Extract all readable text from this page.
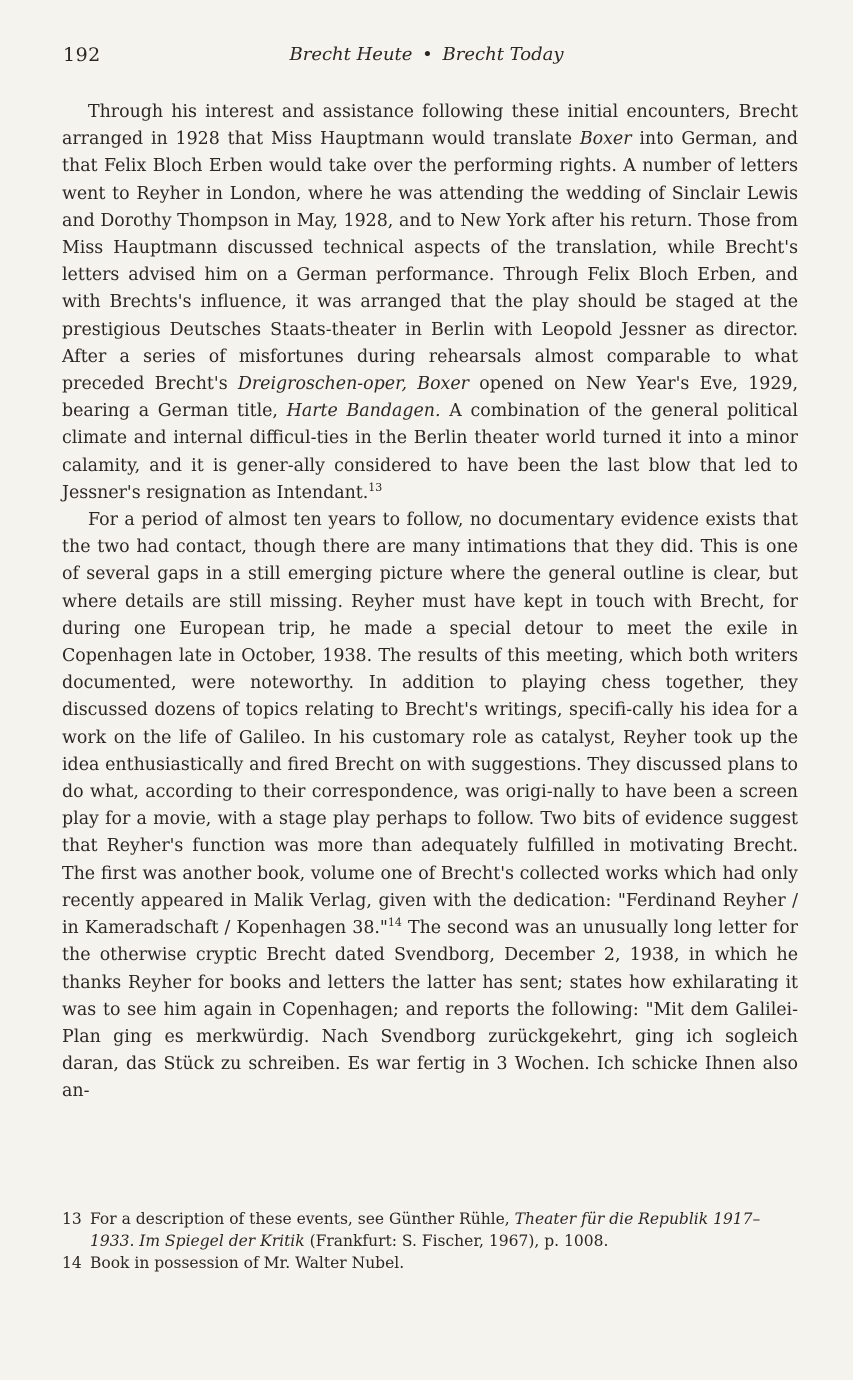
192	Brecht Heute • Brecht Today

Through his interest and assistance following these initial encounters, Brecht arranged in 1928 that Miss Hauptmann would translate Boxer into German, and that Felix Bloch Erben would take over the performing rights. A number of letters went to Reyher in London, where he was attending the wedding of Sinclair Lewis and Dorothy Thompson in May, 1928, and to New York after his return. Those from Miss Hauptmann discussed technical aspects of the translation, while Brecht's letters advised him on a German performance. Through Felix Bloch Erben, and with Brechts's influence, it was arranged that the play should be staged at the prestigious Deutsches Staats-theater in Berlin with Leopold Jessner as director. After a series of misfortunes during rehearsals almost comparable to what preceded Brecht's Dreigroschen-oper, Boxer opened on New Year's Eve, 1929, bearing a German title, Harte Bandagen. A combination of the general political climate and internal difficul-ties in the Berlin theater world turned it into a minor calamity, and it is gener-ally considered to have been the last blow that led to Jessner's resignation as Intendant.$^{13}$

For a period of almost ten years to follow, no documentary evidence exists that the two had contact, though there are many intimations that they did. This is one of several gaps in a still emerging picture where the general outline is clear, but where details are still missing. Reyher must have kept in touch with Brecht, for during one European trip, he made a special detour to meet the exile in Copenhagen late in October, 1938. The results of this meeting, which both writers documented, were noteworthy. In addition to playing chess together, they discussed dozens of topics relating to Brecht's writings, specifi-cally his idea for a work on the life of Galileo. In his customary role as catalyst, Reyher took up the idea enthusiastically and fired Brecht on with suggestions. They discussed plans to do what, according to their correspondence, was origi-nally to have been a screen play for a movie, with a stage play perhaps to follow. Two bits of evidence suggest that Reyher's function was more than adequately fulfilled in motivating Brecht. The first was another book, volume one of Brecht's collected works which had only recently appeared in Malik Verlag, given with the dedication: "Ferdinand Reyher / in Kameradschaft / Kopenhagen 38."$^{14}$ The second was an unusually long letter for the otherwise cryptic Brecht dated Svendborg, December 2, 1938, in which he thanks Reyher for books and letters the latter has sent; states how exhilarating it was to see him again in Copenhagen; and reports the following: "Mit dem Galilei-Plan ging es merkwürdig. Nach Svendborg zurückgekehrt, ging ich sogleich daran, das Stück zu schreiben. Es war fertig in 3 Wochen. Ich schicke Ihnen also an-

13 For a description of these events, see Günther Rühle, Theater für die Republik 1917–1933. Im Spiegel der Kritik (Frankfurt: S. Fischer, 1967), p. 1008.
14 Book in possession of Mr. Walter Nubel.
